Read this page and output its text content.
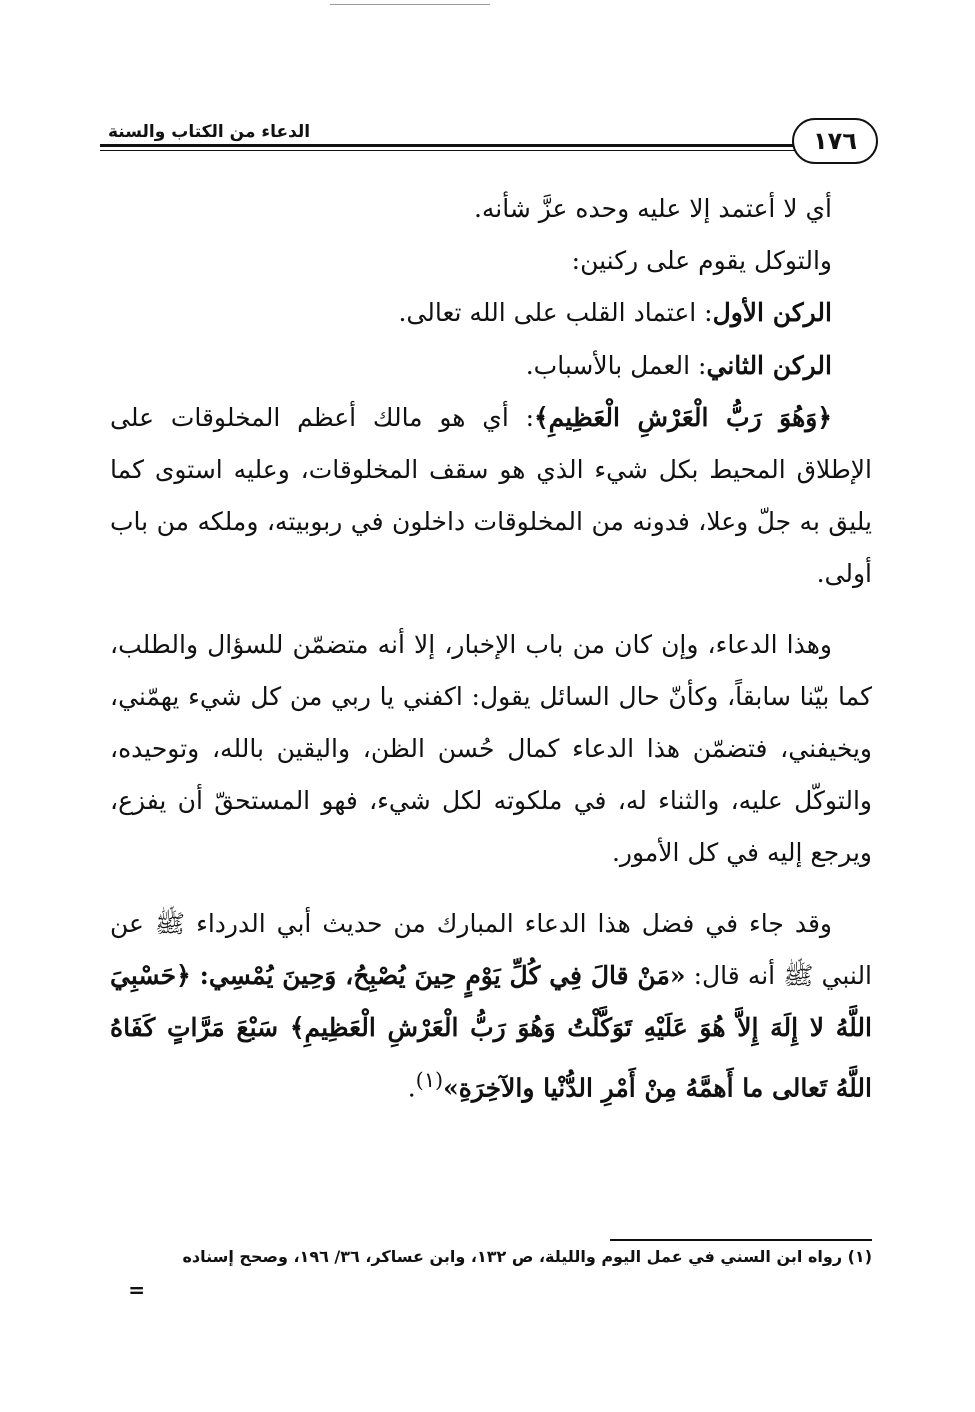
الدعاء من الكتاب والسنة	١٧٦

أي لا أعتمد إلا عليه وحده عزَّ شأنه.

والتوكل يقوم على ركنين:

الركن الأول: اعتماد القلب على الله تعالى.

الركن الثاني: العمل بالأسباب.

﴿وَهُوَ رَبُّ الْعَرْشِ الْعَظِيمِ﴾: أي هو مالك أعظم المخلوقات على الإطلاق المحيط بكل شيء الذي هو سقف المخلوقات، وعليه استوى كما يليق به جلّ وعلا، فدونه من المخلوقات داخلون في ربوبيته، وملكه من باب أولى.

وهذا الدعاء، وإن كان من باب الإخبار، إلا أنه متضمّن للسؤال والطلب، كما بيّنا سابقاً، وكأنّ حال السائل يقول: اكفني يا ربي من كل شيء يهمّني، ويخيفني، فتضمّن هذا الدعاء كمال حُسن الظن، واليقين بالله، وتوحيده، والتوكّل عليه، والثناء له، في ملكوته لكل شيء، فهو المستحقّ أن يفزع، ويرجع إليه في كل الأمور.

وقد جاء في فضل هذا الدعاء المبارك من حديث أبي الدرداء ﷺ عن النبي ﷺ أنه قال: «مَنْ قالَ فِي كُلِّ يَوْمٍ حِينَ يُصْبِحُ، وَحِينَ يُمْسِي: ﴿حَسْبِيَ اللَّهُ لا إِلَهَ إِلاَّ هُوَ عَلَيْهِ تَوَكَّلْتُ وَهُوَ رَبُّ الْعَرْشِ الْعَظِيمِ﴾ سَبْعَ مَرَّاتٍ كَفَاهُ اللَّهُ تَعالى ما أَهمَّهُ مِنْ أَمْرِ الدُّنْيا والآخِرَةِ»$^{(١)}$.

(١) رواه ابن السني في عمل اليوم والليلة، ص ١٣٢، وابن عساكر، ٣٦/ ١٩٦، وصحح إسناده
=
